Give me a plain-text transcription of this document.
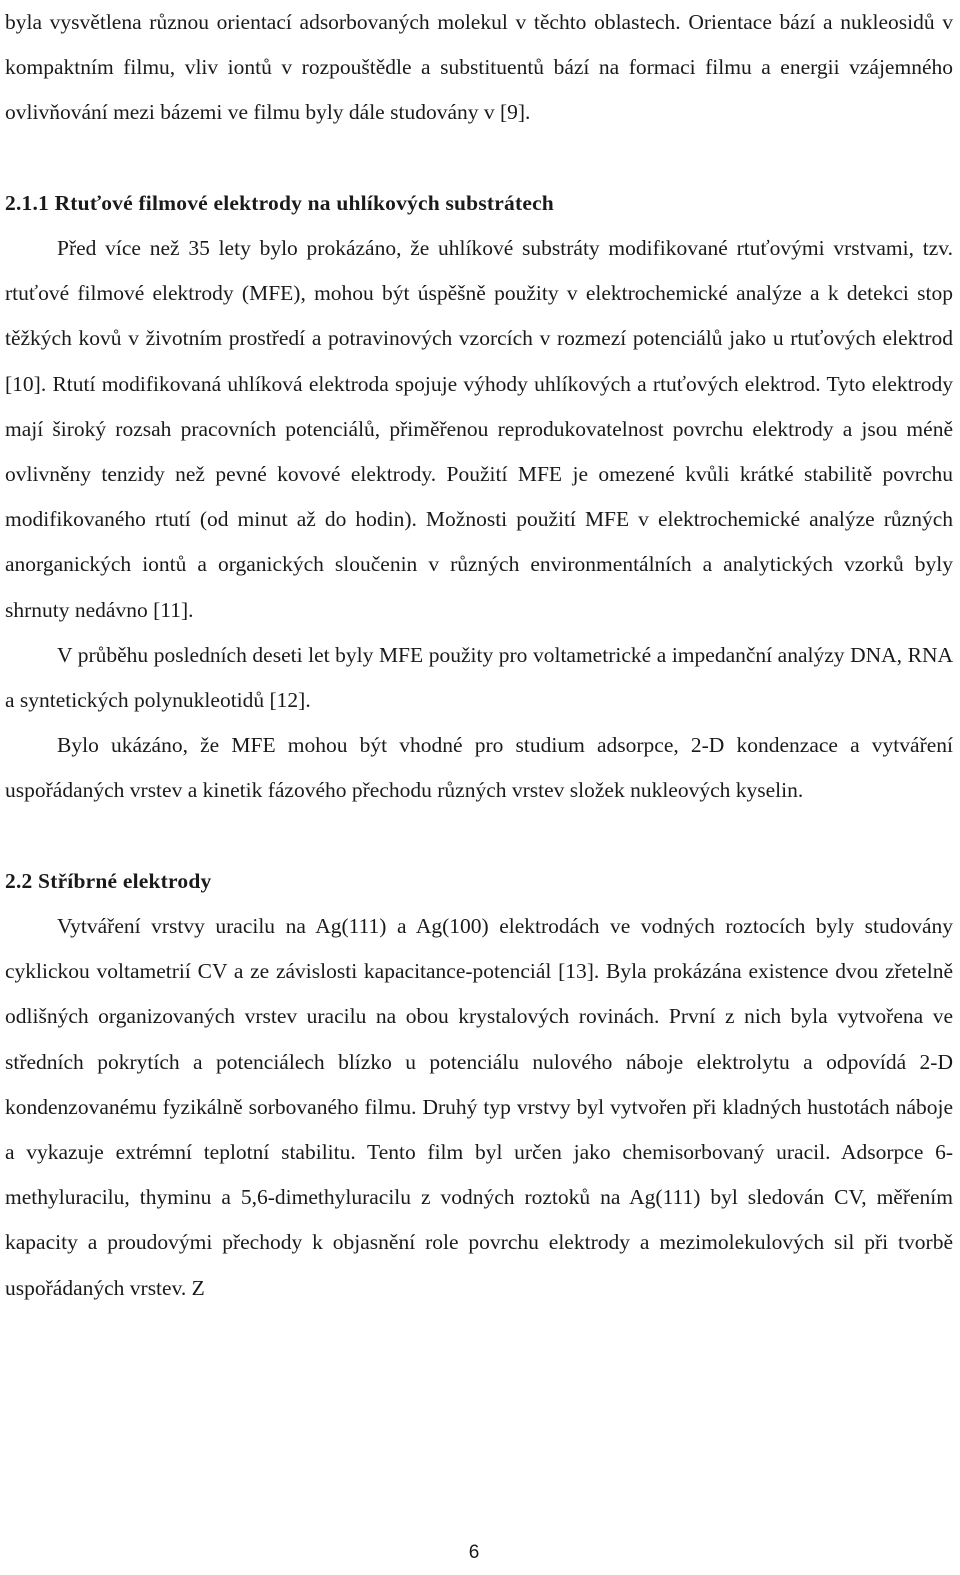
byla vysvětlena různou orientací adsorbovaných molekul v těchto oblastech. Orientace bází a nukleosidů v kompaktním filmu, vliv iontů v rozpouštědle a substituentů bází na formaci filmu a energii vzájemného ovlivňování mezi bázemi ve filmu byly dále studovány v [9].

2.1.1 Rtuťové filmové elektrody na uhlíkových substrátech

Před více než 35 lety bylo prokázáno, že uhlíkové substráty modifikované rtuťovými vrstvami, tzv. rtuťové filmové elektrody (MFE), mohou být úspěšně použity v elektrochemické analýze a k detekci stop těžkých kovů v životním prostředí a potravinových vzorcích v rozmezí potenciálů jako u rtuťových elektrod [10]. Rtutí modifikovaná uhlíková elektroda spojuje výhody uhlíkových a rtuťových elektrod. Tyto elektrody mají široký rozsah pracovních potenciálů, přiměřenou reprodukovatelnost povrchu elektrody a jsou méně ovlivněny tenzidy než pevné kovové elektrody. Použití MFE je omezené kvůli krátké stabilitě povrchu modifikovaného rtutí (od minut až do hodin). Možnosti použití MFE v elektrochemické analýze různých anorganických iontů a organických sloučenin v různých environmentálních a analytických vzorků byly shrnuty nedávno [11].

V průběhu posledních deseti let byly MFE použity pro voltametrické a impedanční analýzy DNA, RNA a syntetických polynukleotidů [12].

Bylo ukázáno, že MFE mohou být vhodné pro studium adsorpce, 2-D kondenzace a vytváření uspořádaných vrstev a kinetik fázového přechodu různých vrstev složek nukleových kyselin.

2.2 Stříbrné elektrody

Vytváření vrstvy uracilu na Ag(111) a Ag(100) elektrodách ve vodných roztocích byly studovány cyklickou voltametrií CV a ze závislosti kapacitance-potenciál [13]. Byla prokázána existence dvou zřetelně odlišných organizovaných vrstev uracilu na obou krystalových rovinách. První z nich byla vytvořena ve středních pokrytích a potenciálech blízko u potenciálu nulového náboje elektrolytu a odpovídá 2-D kondenzovanému fyzikálně sorbovaného filmu. Druhý typ vrstvy byl vytvořen při kladných hustotách náboje a vykazuje extrémní teplotní stabilitu. Tento film byl určen jako chemisorbovaný uracil. Adsorpce 6-methyluracilu, thyminu a 5,6-dimethyluracilu z vodných roztoků na Ag(111) byl sledován CV, měřením kapacity a proudovými přechody k objasnění role povrchu elektrody a mezimolekulových sil při tvorbě uspořádaných vrstev. Z

6
